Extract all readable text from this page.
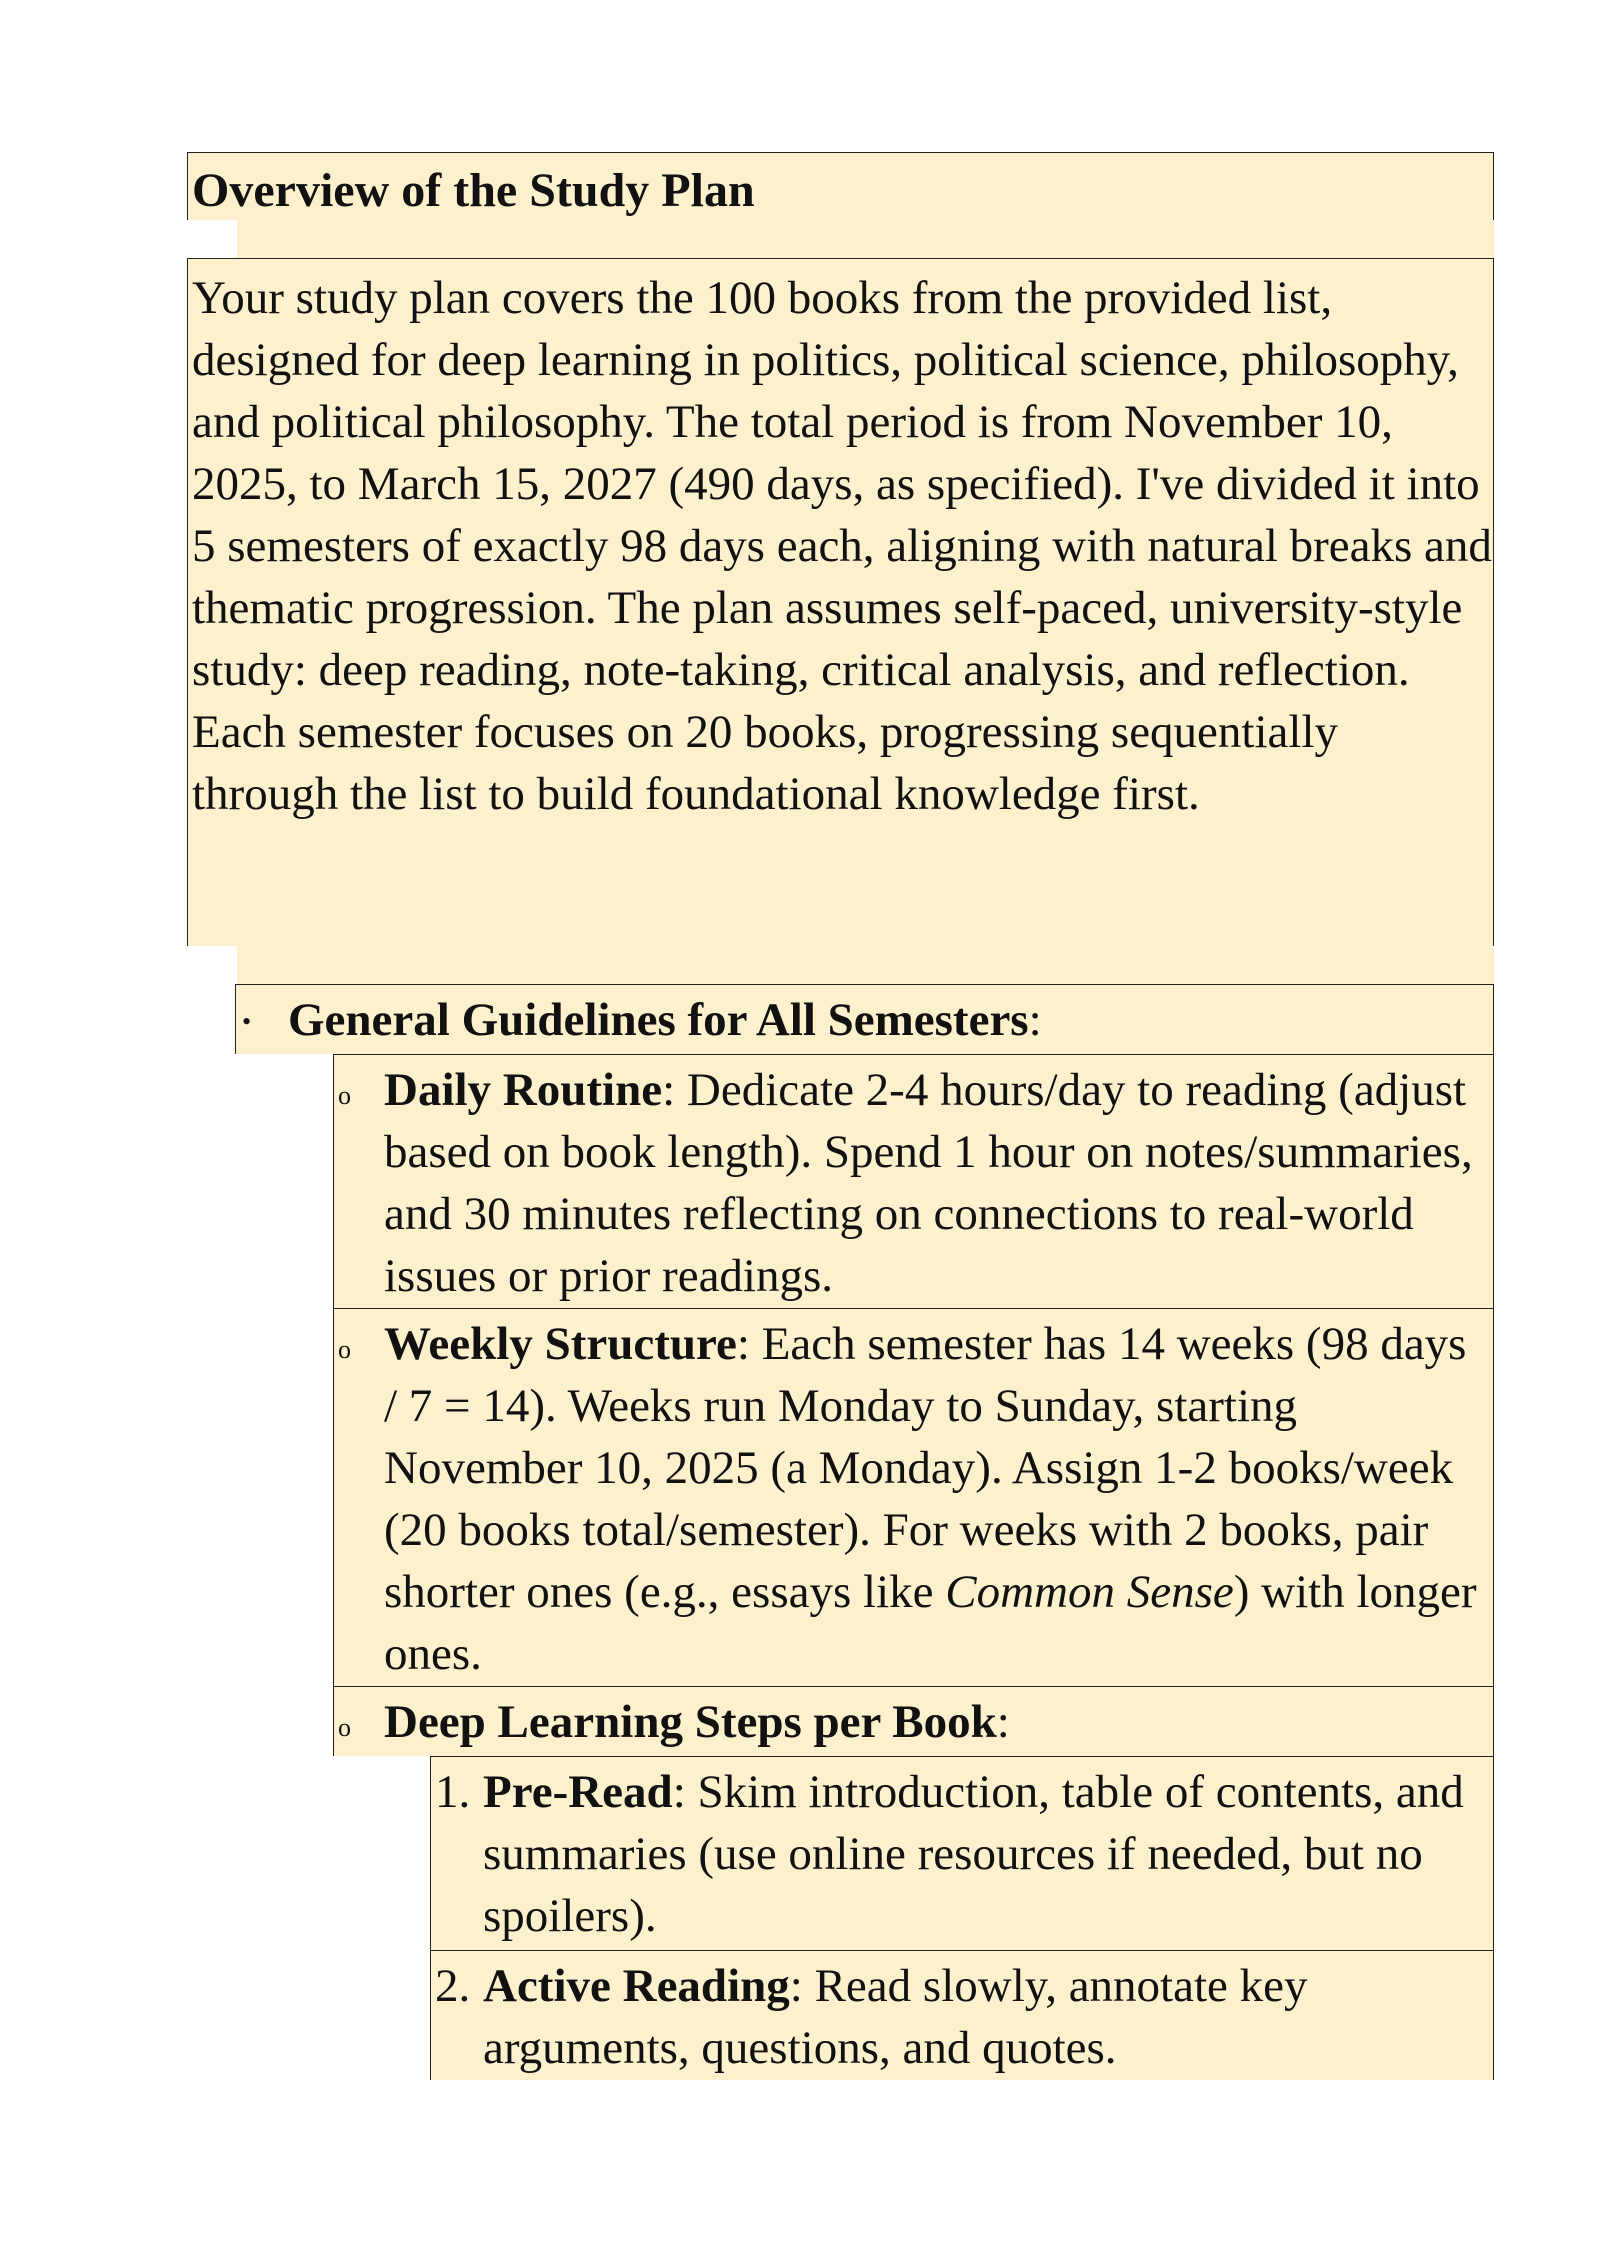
Overview of the Study Plan

Your study plan covers the 100 books from the provided list, designed for deep learning in politics, political science, philosophy, and political philosophy. The total period is from November 10, 2025, to March 15, 2027 (490 days, as specified). I've divided it into 5 semesters of exactly 98 days each, aligning with natural breaks and thematic progression. The plan assumes self-paced, university-style study: deep reading, note-taking, critical analysis, and reflection. Each semester focuses on 20 books, progressing sequentially through the list to build foundational knowledge first.

• General Guidelines for All Semesters:
o Daily Routine: Dedicate 2-4 hours/day to reading (adjust based on book length). Spend 1 hour on notes/summaries, and 30 minutes reflecting on connections to real-world issues or prior readings.
o Weekly Structure: Each semester has 14 weeks (98 days / 7 = 14). Weeks run Monday to Sunday, starting November 10, 2025 (a Monday). Assign 1-2 books/week (20 books total/semester). For weeks with 2 books, pair shorter ones (e.g., essays like Common Sense) with longer ones.
o Deep Learning Steps per Book:
1. Pre-Read: Skim introduction, table of contents, and summaries (use online resources if needed, but no spoilers).
2. Active Reading: Read slowly, annotate key arguments, questions, and quotes.
